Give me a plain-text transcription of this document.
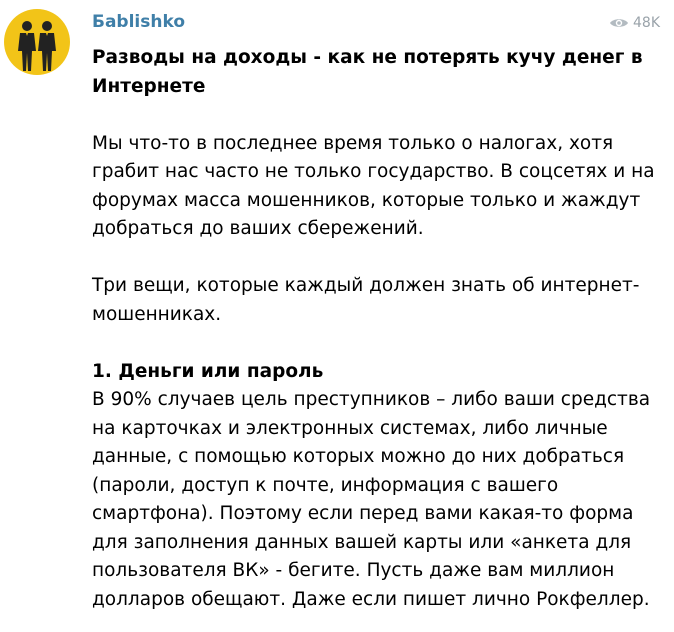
Бablishko	48K

Разводы на доходы - как не потерять кучу денег в Интернете

Мы что-то в последнее время только о налогах, хотя грабит нас часто не только государство. В соцсетях и на форумах масса мошенников, которые только и жаждут добраться до ваших сбережений.

Три вещи, которые каждый должен знать об интернет-мошенниках.

1. Деньги или пароль

В 90% случаев цель преступников – либо ваши средства на карточках и электронных системах, либо личные данные, с помощью которых можно до них добраться (пароли, доступ к почте, информация с вашего смартфона). Поэтому если перед вами какая-то форма для заполнения данных вашей карты или «анкета для пользователя ВК» - бегите. Пусть даже вам миллион долларов обещают. Даже если пишет лично Рокфеллер.
